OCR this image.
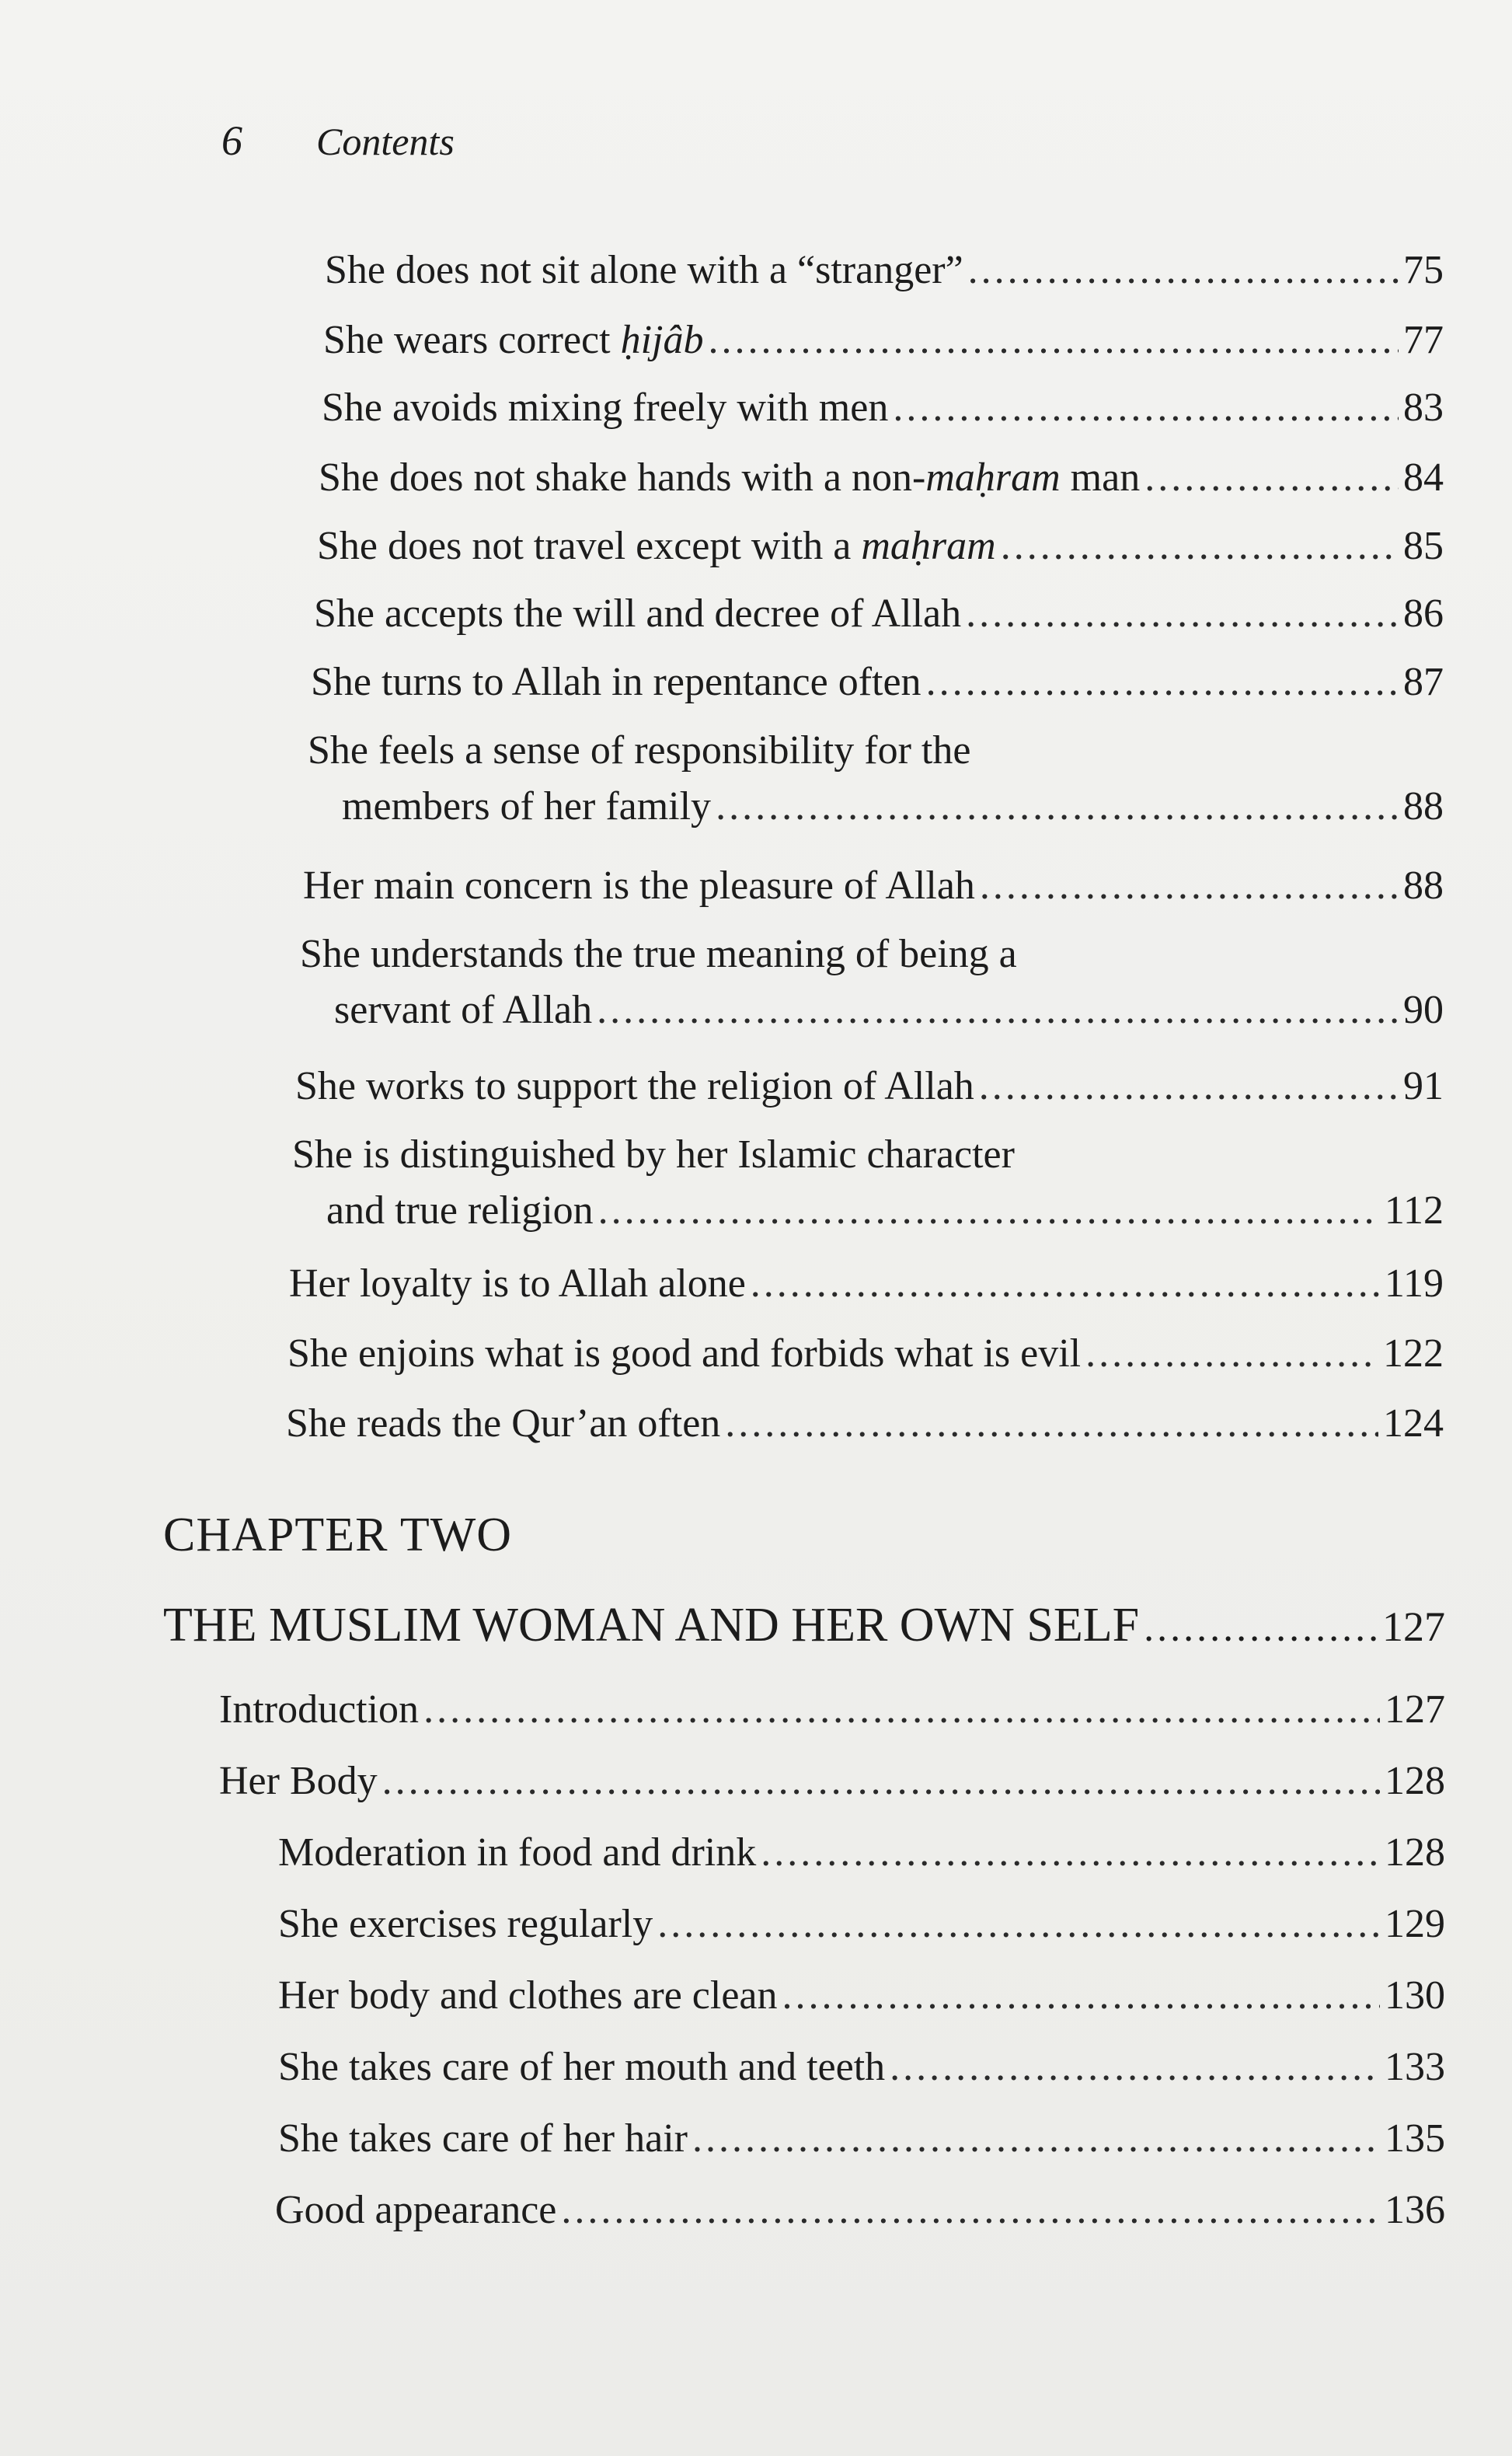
6 Contents
She does not sit alone with a “stranger” .....	75
She wears correct ḥijâb .....	77
She avoids mixing freely with men .....	83
She does not shake hands with a non-maḥram man .....	84
She does not travel except with a maḥram .....	85
She accepts the will and decree of Allah .....	86
She turns to Allah in repentance often .....	87
She feels a sense of responsibility for the
members of her family .....	88
Her main concern is the pleasure of Allah .....	88
She understands the true meaning of being a
servant of Allah .....	90
She works to support the religion of Allah .....	91
She is distinguished by her Islamic character
and true religion .....	112
Her loyalty is to Allah alone .....	119
She enjoins what is good and forbids what is evil .....	122
She reads the Qur’an often .....	124
CHAPTER TWO
THE MUSLIM WOMAN AND HER OWN SELF .....	127
Introduction .....	127
Her Body .....	128
Moderation in food and drink .....	128
She exercises regularly .....	129
Her body and clothes are clean .....	130
She takes care of her mouth and teeth .....	133
She takes care of her hair .....	135
Good appearance .....	136
